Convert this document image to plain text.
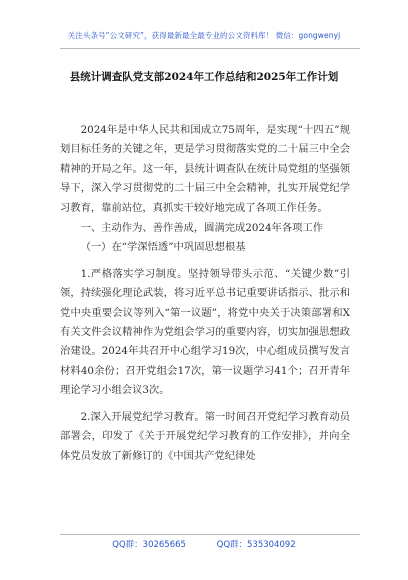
关注头条号“公文研究”，获得最新最全最专业的公文资料库！ 微信：gongwenyj
县统计调查队党支部2024年工作总结和2025年工作计划

2024年是中华人民共和国成立75周年，是实现“十四五”规划目标任务的关键之年，更是学习贯彻落实党的二十届三中全会精神的开局之年。这一年，县统计调查队在统计局党组的坚强领导下，深入学习贯彻党的二十届三中全会精神，扎实开展党纪学习教育，靠前站位，真抓实干较好地完成了各项工作任务。

一、主动作为、善作善成，圆满完成2024年各项工作

（一）在“学深悟透”中巩固思想根基

1.严格落实学习制度。坚持领导带头示范、“关键少数”引领，持续强化理论武装，将习近平总书记重要讲话指示、批示和党中央重要会议等列入“第一议题”，将党中央关于决策部署和X有关文件会议精神作为党组会学习的重要内容，切实加强思想政治建设。2024年共召开中心组学习19次，中心组成员撰写发言材料40余份；召开党组会17次，第一议题学习41个；召开青年理论学习小组会议3次。

2.深入开展党纪学习教育。第一时间召开党纪学习教育动员部署会，印发了《关于开展党纪学习教育的工作安排》，并向全体党员发放了新修订的《中国共产党纪律处

QQ群：30265665	QQ群：535304092
